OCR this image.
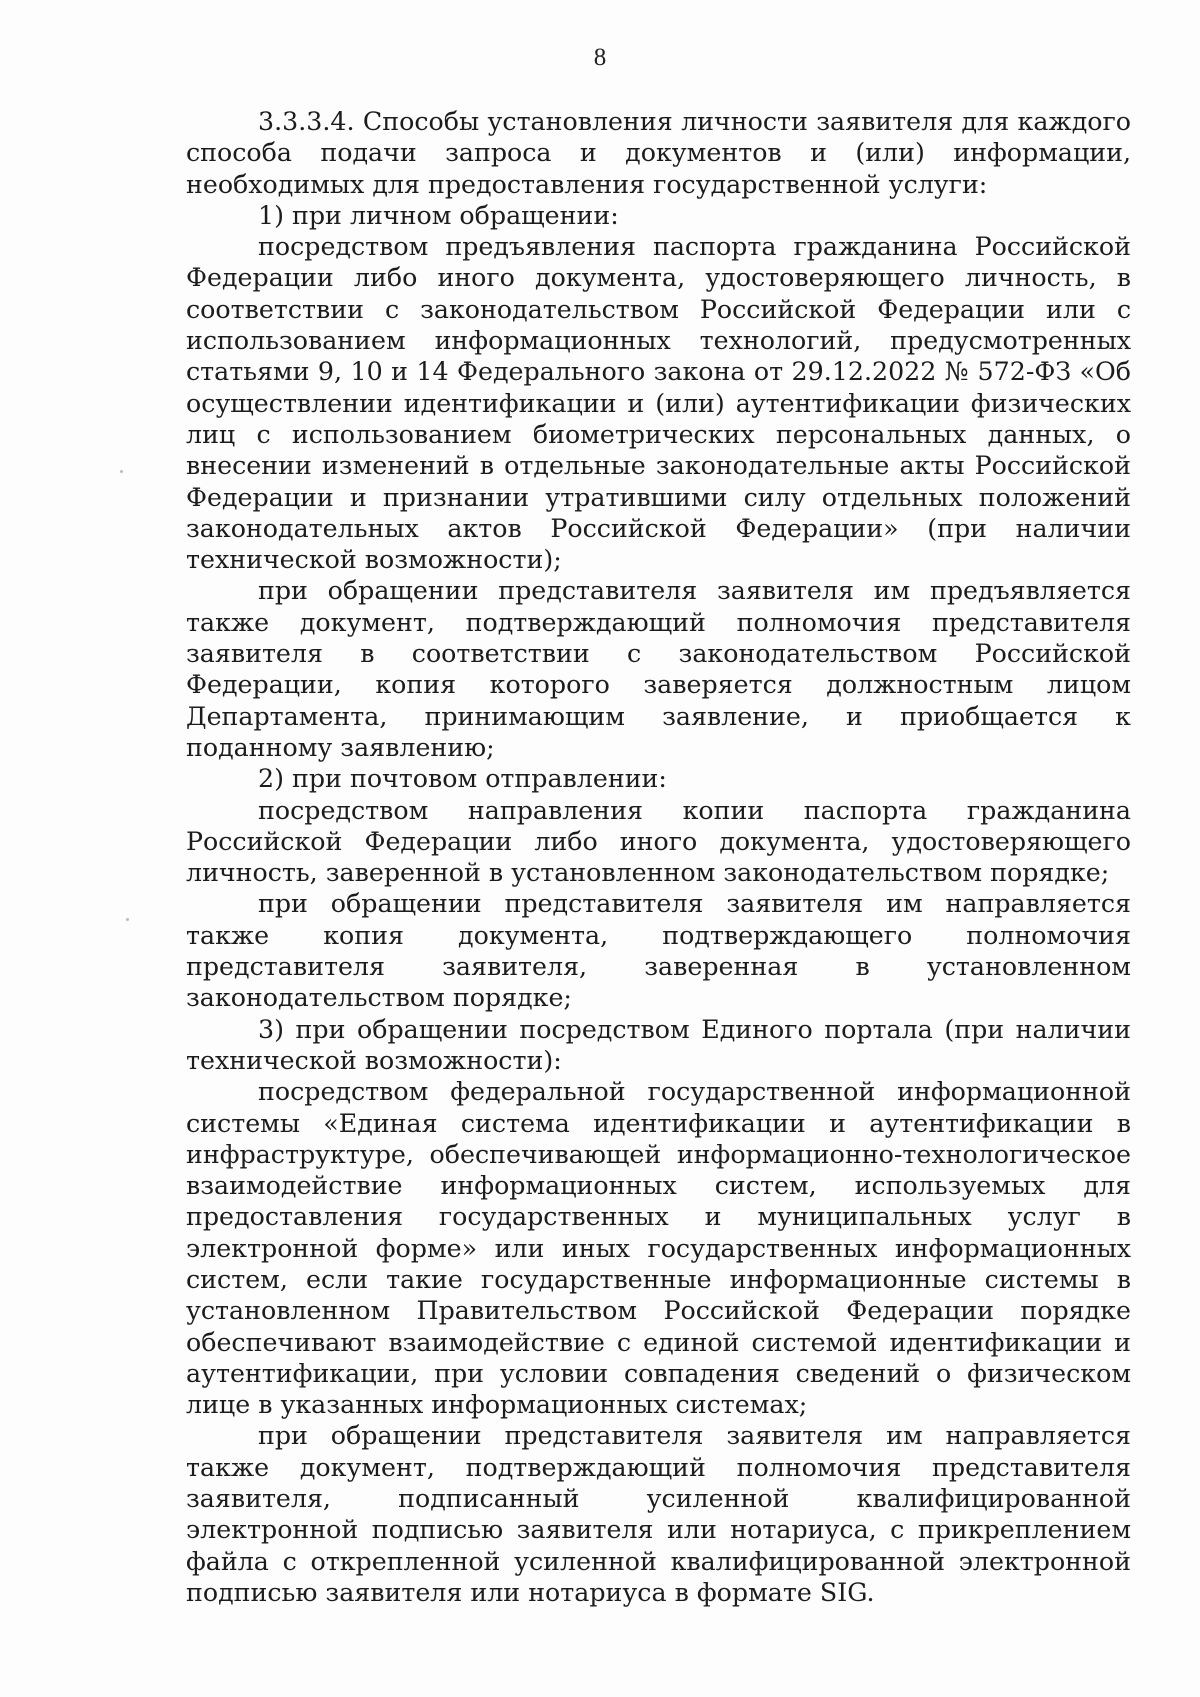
8

3.3.3.4. Способы установления личности заявителя для каждого способа подачи запроса и документов и (или) информации, необходимых для предоставления государственной услуги:

1) при личном обращении:

посредством предъявления паспорта гражданина Российской Федерации либо иного документа, удостоверяющего личность, в соответствии с законодательством Российской Федерации или с использованием информационных технологий, предусмотренных статьями 9, 10 и 14 Федерального закона от 29.12.2022 № 572-ФЗ «Об осуществлении идентификации и (или) аутентификации физических лиц с использованием биометрических персональных данных, о внесении изменений в отдельные законодательные акты Российской Федерации и признании утратившими силу отдельных положений законодательных актов Российской Федерации» (при наличии технической возможности);

при обращении представителя заявителя им предъявляется также документ, подтверждающий полномочия представителя заявителя в соответствии с законодательством Российской Федерации, копия которого заверяется должностным лицом Департамента, принимающим заявление, и приобщается к поданному заявлению;

2) при почтовом отправлении:

посредством направления копии паспорта гражданина Российской Федерации либо иного документа, удостоверяющего личность, заверенной в установленном законодательством порядке;

при обращении представителя заявителя им направляется также копия документа, подтверждающего полномочия представителя заявителя, заверенная в установленном законодательством порядке;

3) при обращении посредством Единого портала (при наличии технической возможности):

посредством федеральной государственной информационной системы «Единая система идентификации и аутентификации в инфраструктуре, обеспечивающей информационно-технологическое взаимодействие информационных систем, используемых для предоставления государственных и муниципальных услуг в электронной форме» или иных государственных информационных систем, если такие государственные информационные системы в установленном Правительством Российской Федерации порядке обеспечивают взаимодействие с единой системой идентификации и аутентификации, при условии совпадения сведений о физическом лице в указанных информационных системах;

при обращении представителя заявителя им направляется также документ, подтверждающий полномочия представителя заявителя, подписанный усиленной квалифицированной электронной подписью заявителя или нотариуса, с прикреплением файла с открепленной усиленной квалифицированной электронной подписью заявителя или нотариуса в формате SIG.
